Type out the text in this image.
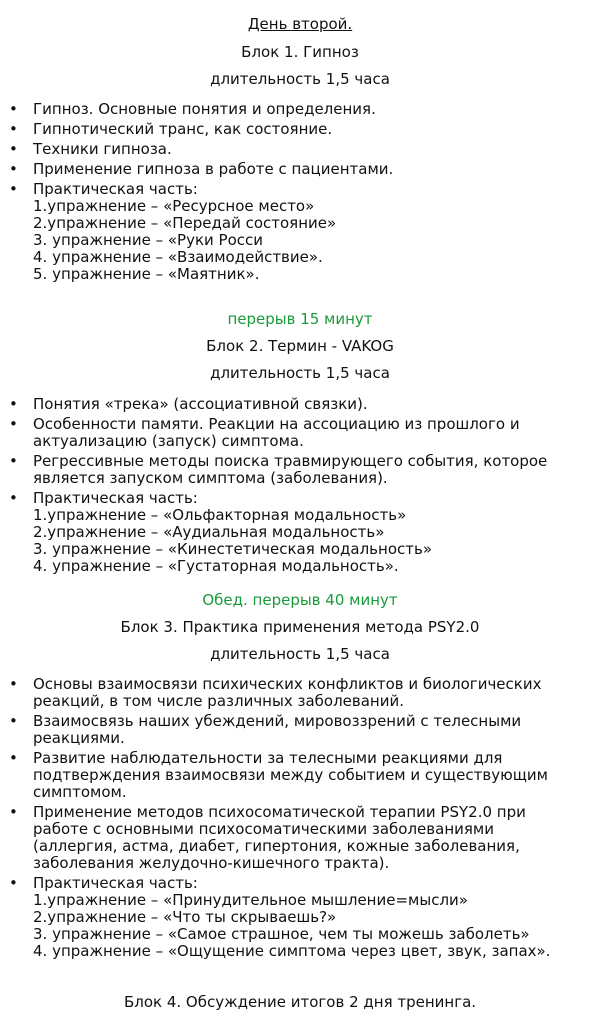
День второй.
Блок 1. Гипноз
длительность 1,5 часа
• Гипноз. Основные понятия и определения.
• Гипнотический транс, как состояние.
• Техники гипноза.
• Применение гипноза в работе с пациентами.
• Практическая часть:
1.упражнение – «Ресурсное место»
2.упражнение – «Передай состояние»
3. упражнение – «Руки Росси
4. упражнение – «Взаимодействие».
5. упражнение – «Маятник».
перерыв 15 минут
Блок 2. Термин - VAKOG
длительность 1,5 часа
• Понятия «трека» (ассоциативной связки).
• Особенности памяти. Реакции на ассоциацию из прошлого и актуализацию (запуск) симптома.
• Регрессивные методы поиска травмирующего события, которое является запуском симптома (заболевания).
• Практическая часть:
1.упражнение – «Ольфакторная модальность»
2.упражнение – «Аудиальная модальность»
3. упражнение – «Кинестетическая модальность»
4. упражнение – «Густаторная модальность».
Обед. перерыв 40 минут
Блок 3. Практика применения метода PSY2.0
длительность 1,5 часа
• Основы взаимосвязи психических конфликтов и биологических реакций, в том числе различных заболеваний.
• Взаимосвязь наших убеждений, мировоззрений с телесными реакциями.
• Развитие наблюдательности за телесными реакциями для подтверждения взаимосвязи между событием и существующим симптомом.
• Применение методов психосоматической терапии PSY2.0 при работе с основными психосоматическими заболеваниями (аллергия, астма, диабет, гипертония, кожные заболевания, заболевания желудочно-кишечного тракта).
• Практическая часть:
1.упражнение – «Принудительное мышление=мысли»
2.упражнение – «Что ты скрываешь?»
3. упражнение – «Самое страшное, чем ты можешь заболеть»
4. упражнение – «Ощущение симптома через цвет, звук, запах».
Блок 4. Обсуждение итогов 2 дня тренинга.
